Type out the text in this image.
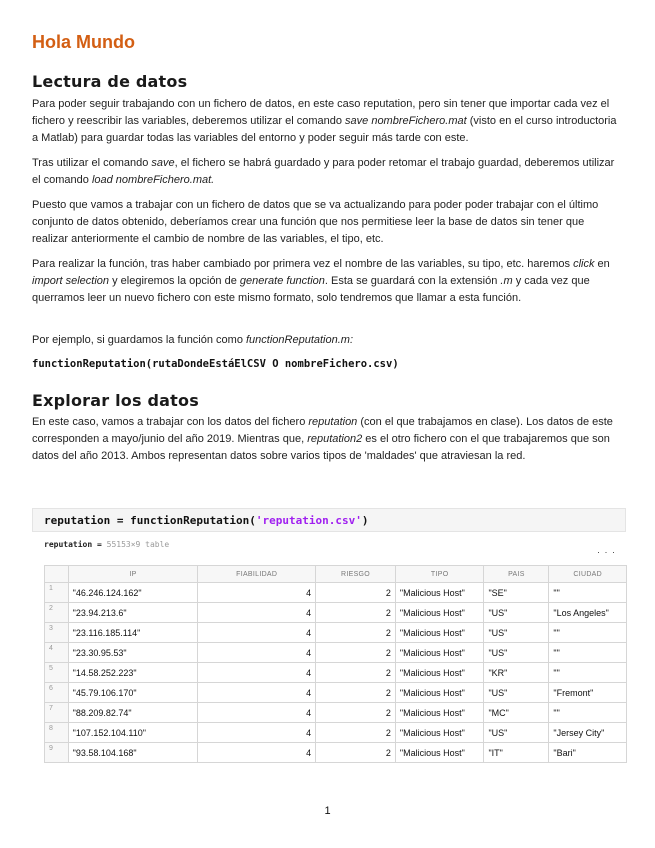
Hola Mundo
Lectura de datos

Para poder seguir trabajando con un fichero de datos, en este caso reputation, pero sin tener que importar cada vez el fichero y reescribir las variables, deberemos utilizar el comando save nombreFichero.mat (visto en el curso introductoria a Matlab) para guardar todas las variables del entorno y poder seguir más tarde con este.

Tras utilizar el comando save, el fichero se habrá guardado y para poder retomar el trabajo guardad, deberemos utilizar el comando load nombreFichero.mat.

Puesto que vamos a trabajar con un fichero de datos que se va actualizando para poder poder trabajar con el último conjunto de datos obtenido, deberíamos crear una función que nos permitiese leer la base de datos sin tener que realizar anteriormente el cambio de nombre de las variables, el tipo, etc.

Para realizar la función, tras haber cambiado por primera vez el nombre de las variables, su tipo, etc. haremos click en import selection y elegiremos la opción de generate function. Esta se guardará con la extensión .m y cada vez que querramos leer un nuevo fichero con este mismo formato, solo tendremos que llamar a esta función.

Por ejemplo, si guardamos la función como functionReputation.m:

functionReputation(rutaDondeEstáElCSV O nombreFichero.csv)
Explorar los datos

En este caso, vamos a trabajar con los datos del fichero reputation (con el que trabajamos en clase). Los datos de este corresponden a mayo/junio del año 2019. Mientras que, reputation2 es el otro fichero con el que trabajaremos que son datos del año 2013. Ambos representan datos sobre varios tipos de 'maldades' que atraviesan la red.

reputation = functionReputation('reputation.csv')
reputation = 55153×9 table
· · ·
	IP	FIABILIDAD	RIESGO	TIPO	PAIS	CIUDAD
1	"46.246.124.162"	4	2	"Malicious Host"	"SE"	""
2	"23.94.213.6"	4	2	"Malicious Host"	"US"	"Los Angeles"
3	"23.116.185.114"	4	2	"Malicious Host"	"US"	""
4	"23.30.95.53"	4	2	"Malicious Host"	"US"	""
5	"14.58.252.223"	4	2	"Malicious Host"	"KR"	""
6	"45.79.106.170"	4	2	"Malicious Host"	"US"	"Fremont"
7	"88.209.82.74"	4	2	"Malicious Host"	"MC"	""
8	"107.152.104.110"	4	2	"Malicious Host"	"US"	"Jersey City"
9	"93.58.104.168"	4	2	"Malicious Host"	"IT"	"Bari"
1
